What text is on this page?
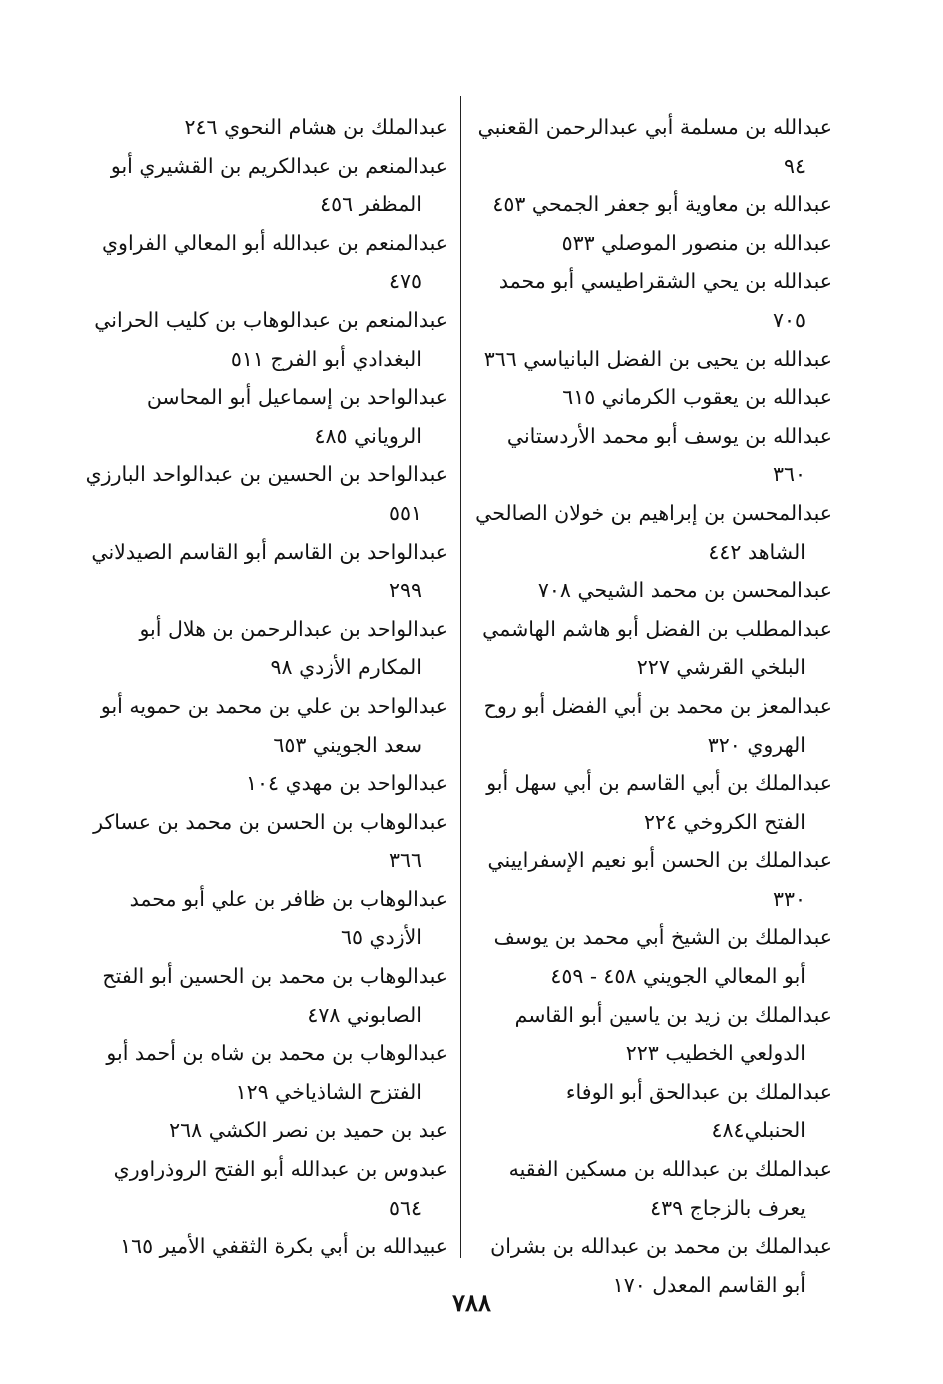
عبدالله بن مسلمة أبي عبدالرحمن القعنبي ٩٤

عبدالله بن معاوية أبو جعفر الجمحي ٤٥٣

عبدالله بن منصور الموصلي ٥٣٣

عبدالله بن يحي الشقراطيسي أبو محمد ٧٠٥

عبدالله بن يحيى بن الفضل البانياسي ٣٦٦

عبدالله بن يعقوب الكرماني ٦١٥

عبدالله بن يوسف أبو محمد الأردستاني ٣٦٠

عبدالمحسن بن إبراهيم بن خولان الصالحي الشاهد ٤٤٢

عبدالمحسن بن محمد الشيحي ٧٠٨

عبدالمطلب بن الفضل أبو هاشم الهاشمي البلخي القرشي ٢٢٧

عبدالمعز بن محمد بن أبي الفضل أبو روح الهروي ٣٢٠

عبدالملك بن أبي القاسم بن أبي سهل أبو الفتح الكروخي ٢٢٤

عبدالملك بن الحسن أبو نعيم الإسفراييني ٣٣٠

عبدالملك بن الشيخ أبي محمد بن يوسف أبو المعالي الجويني ٤٥٨ - ٤٥٩

عبدالملك بن زيد بن ياسين أبو القاسم الدولعي الخطيب ٢٢٣

عبدالملك بن عبدالحق أبو الوفاء الحنبلي٤٨٤

عبدالملك بن عبدالله بن مسكين الفقيه يعرف بالزجاج ٤٣٩

عبدالملك بن محمد بن عبدالله بن بشران أبو القاسم المعدل ١٧٠

عبدالملك بن هشام النحوي ٢٤٦

عبدالمنعم بن عبدالكريم بن القشيري أبو المظفر ٤٥٦

عبدالمنعم بن عبدالله أبو المعالي الفراوي ٤٧٥

عبدالمنعم بن عبدالوهاب بن كليب الحراني البغدادي أبو الفرج ٥١١

عبدالواحد بن إسماعيل أبو المحاسن الروياني ٤٨٥

عبدالواحد بن الحسين بن عبدالواحد البارزي ٥٥١

عبدالواحد بن القاسم أبو القاسم الصيدلاني ٢٩٩

عبدالواحد بن عبدالرحمن بن هلال أبو المكارم الأزدي ٩٨

عبدالواحد بن علي بن محمد بن حمويه أبو سعد الجويني ٦٥٣

عبدالواحد بن مهدي ١٠٤

عبدالوهاب بن الحسن بن محمد بن عساكر ٣٦٦

عبدالوهاب بن ظافر بن علي أبو محمد الأزدي ٦٥

عبدالوهاب بن محمد بن الحسين أبو الفتح الصابوني ٤٧٨

عبدالوهاب بن محمد بن شاه بن أحمد أبو الفتزح الشاذياخي ١٢٩

عبد بن حميد بن نصر الكشي ٢٦٨

عبدوس بن عبدالله أبو الفتح الروذراوري ٥٦٤

عبيدالله بن أبي بكرة الثقفي الأمير ١٦٥

٧٨٨
